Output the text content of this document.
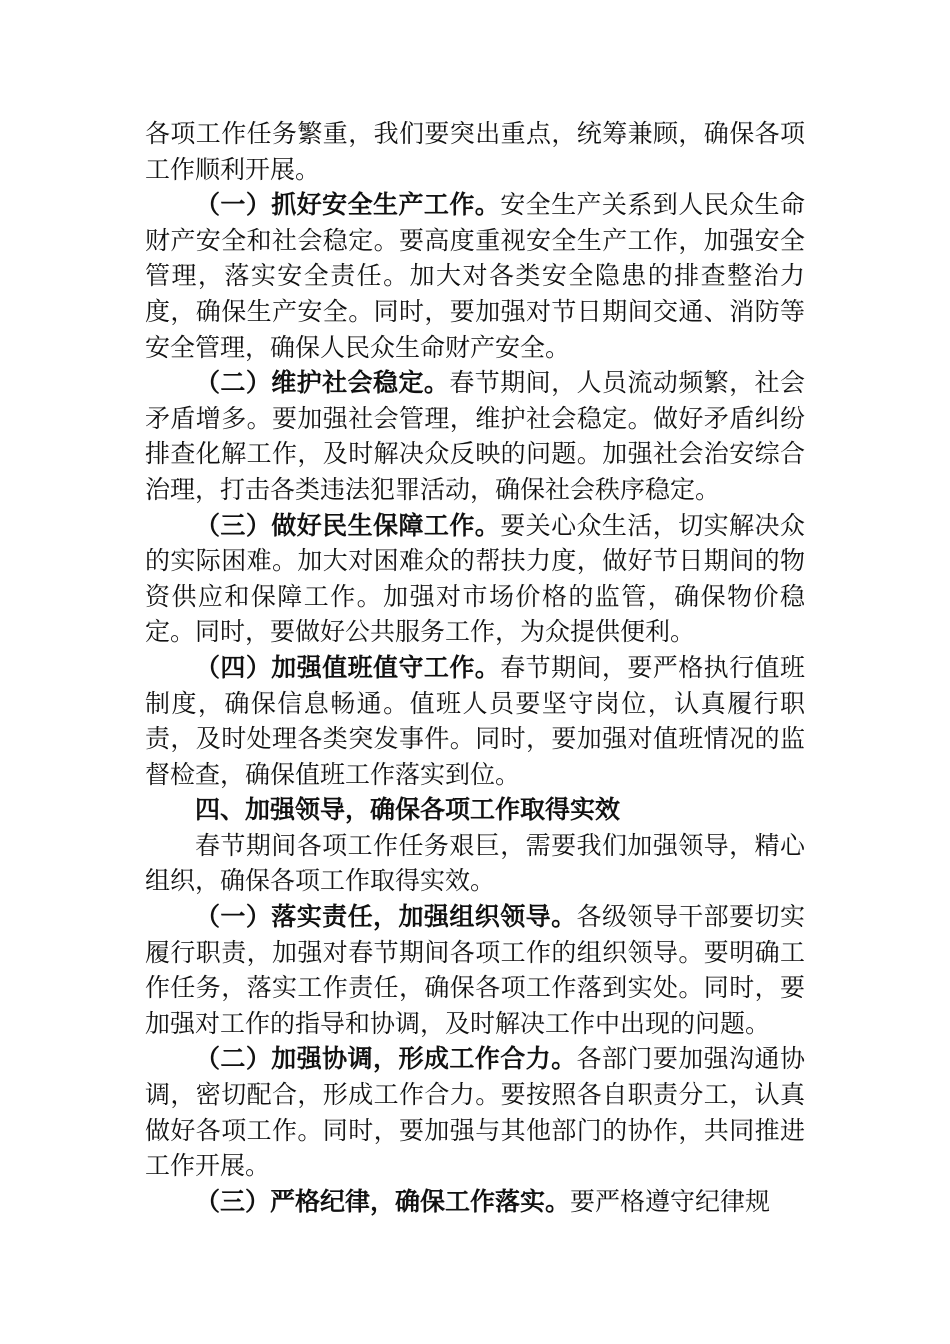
各项工作任务繁重，我们要突出重点，统筹兼顾，确保各项工作顺利开展。

（一）抓好安全生产工作。安全生产关系到人民众生命财产安全和社会稳定。要高度重视安全生产工作，加强安全管理，落实安全责任。加大对各类安全隐患的排查整治力度，确保生产安全。同时，要加强对节日期间交通、消防等安全管理，确保人民众生命财产安全。

（二）维护社会稳定。春节期间，人员流动频繁，社会矛盾增多。要加强社会管理，维护社会稳定。做好矛盾纠纷排查化解工作，及时解决众反映的问题。加强社会治安综合治理，打击各类违法犯罪活动，确保社会秩序稳定。

（三）做好民生保障工作。要关心众生活，切实解决众的实际困难。加大对困难众的帮扶力度，做好节日期间的物资供应和保障工作。加强对市场价格的监管，确保物价稳定。同时，要做好公共服务工作，为众提供便利。

（四）加强值班值守工作。春节期间，要严格执行值班制度，确保信息畅通。值班人员要坚守岗位，认真履行职责，及时处理各类突发事件。同时，要加强对值班情况的监督检查，确保值班工作落实到位。

四、加强领导，确保各项工作取得实效

春节期间各项工作任务艰巨，需要我们加强领导，精心组织，确保各项工作取得实效。

（一）落实责任，加强组织领导。各级领导干部要切实履行职责，加强对春节期间各项工作的组织领导。要明确工作任务，落实工作责任，确保各项工作落到实处。同时，要加强对工作的指导和协调，及时解决工作中出现的问题。

（二）加强协调，形成工作合力。各部门要加强沟通协调，密切配合，形成工作合力。要按照各自职责分工，认真做好各项工作。同时，要加强与其他部门的协作，共同推进工作开展。

（三）严格纪律，确保工作落实。要严格遵守纪律规
